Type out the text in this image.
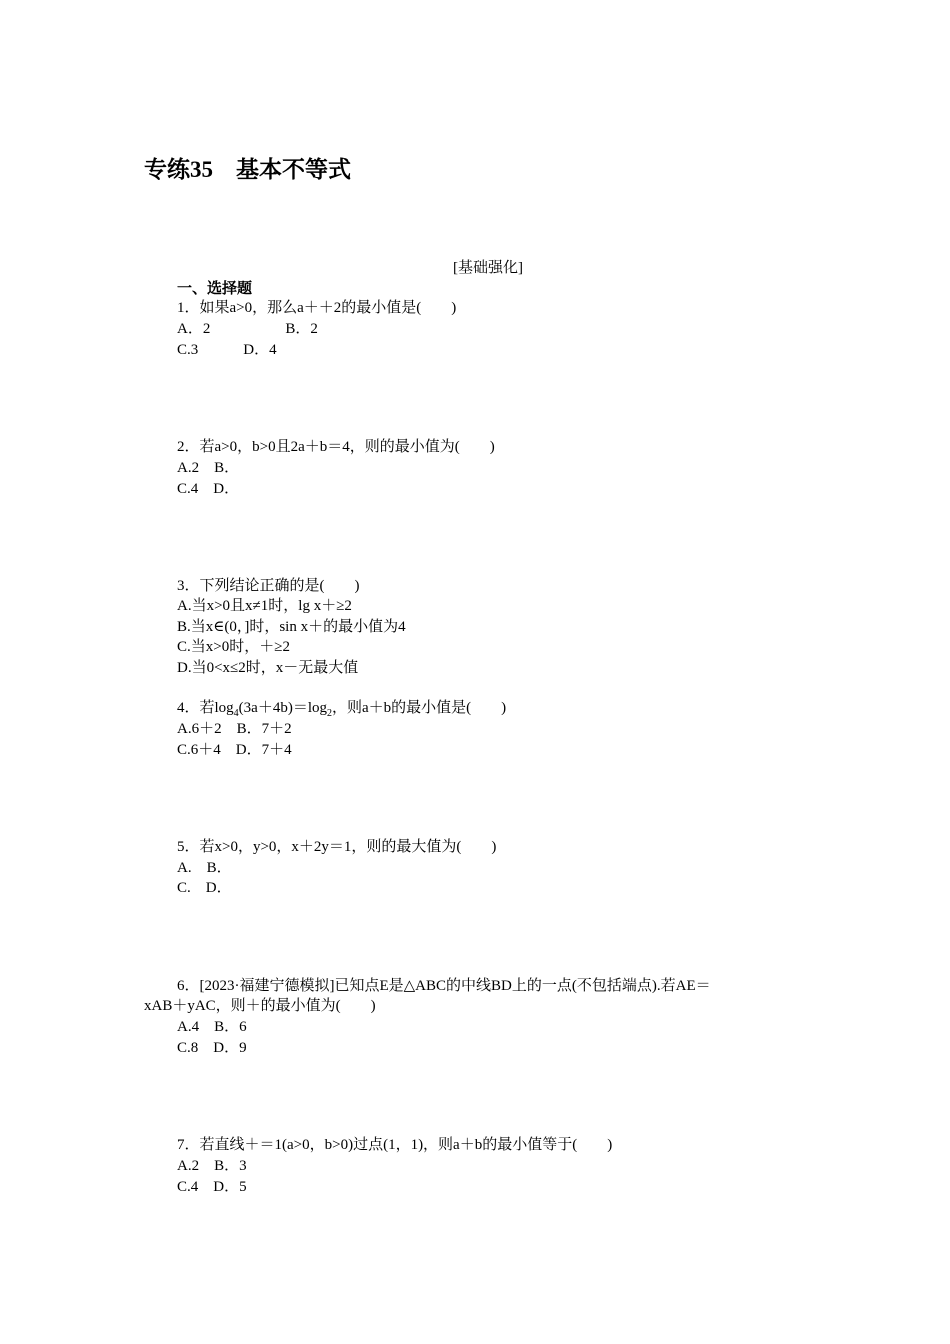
专练35　基本不等式
[基础强化]
一、选择题
1．如果a>0，那么a＋＋2的最小值是(　　)
A．2　　　　　B．2
C.3　　　D．4
2．若a>0，b>0且2a＋b＝4，则的最小值为(　　)
A.2　B．
C.4　D．
3．下列结论正确的是(　　)
A.当x>0且x≠1时，lg x＋≥2
B.当x∈(0，]时，sin x＋的最小值为4
C.当x>0时，＋≥2
D.当0<x≤2时，x－无最大值
4．若$\log_4(3a+4b)=\log_2$，则a＋b的最小值是(　　)
A.6＋2　B．7＋2
C.6＋4　D．7＋4
5．若x>0，y>0，x＋2y＝1，则的最大值为(　　)
A.　B．
C.　D．
6．[2023·福建宁德模拟]已知点E是△ABC的中线BD上的一点(不包括端点).若AE＝
xAB＋yAC，则＋的最小值为(　　)
A.4　B．6
C.8　D．9
7．若直线＋＝1(a>0，b>0)过点(1，1)，则a＋b的最小值等于(　　)
A.2　B．3
C.4　D．5
